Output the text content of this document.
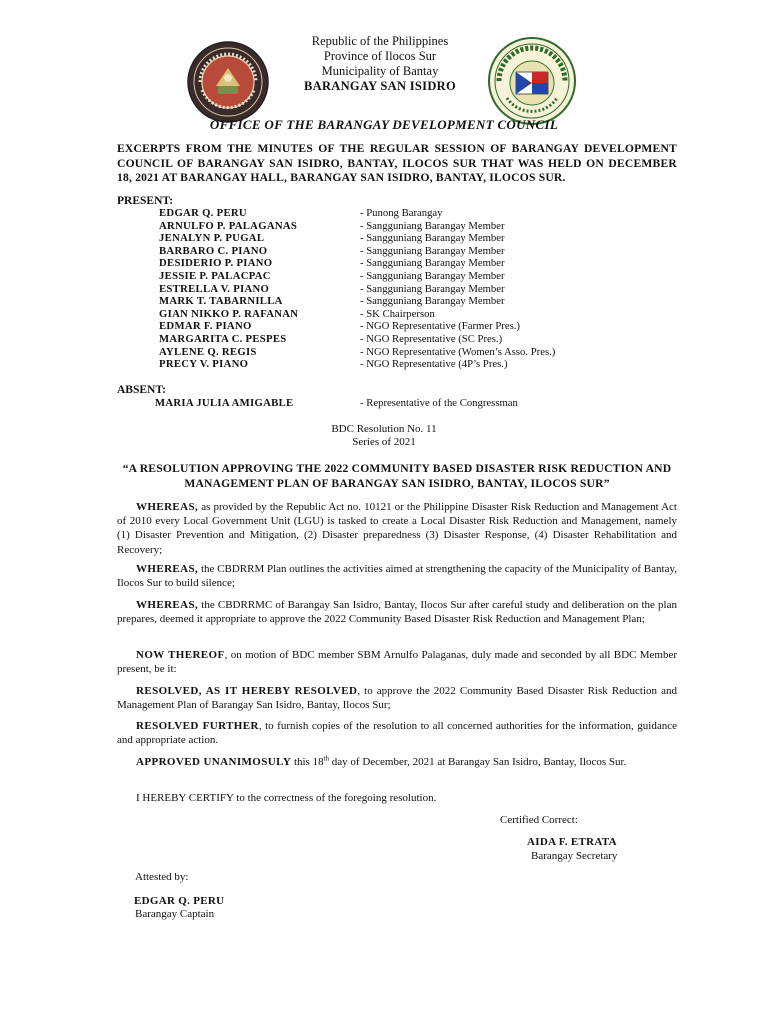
Republic of the Philippines
Province of Ilocos Sur
Municipality of Bantay
BARANGAY SAN ISIDRO
OFFICE OF THE BARANGAY DEVELOPMENT COUNCIL
EXCERPTS FROM THE MINUTES OF THE REGULAR SESSION OF BARANGAY DEVELOPMENT COUNCIL OF BARANGAY SAN ISIDRO, BANTAY, ILOCOS SUR THAT WAS HELD ON DECEMBER 18, 2021 AT BARANGAY HALL, BARANGAY SAN ISIDRO, BANTAY, ILOCOS SUR.
PRESENT:
EDGAR Q. PERU	- Punong Barangay
ARNULFO P. PALAGANAS	- Sangguniang Barangay Member
JENALYN P. PUGAL	- Sangguniang Barangay Member
BARBARO C. PIANO	- Sangguniang Barangay Member
DESIDERIO P. PIANO	- Sangguniang Barangay Member
JESSIE P. PALACPAC	- Sangguniang Barangay Member
ESTRELLA V. PIANO	- Sangguniang Barangay Member
MARK T. TABARNILLA	- Sangguniang Barangay Member
GIAN NIKKO P. RAFANAN	- SK Chairperson
EDMAR F. PIANO	- NGO Representative (Farmer Pres.)
MARGARITA C. PESPES	- NGO Representative (SC Pres.)
AYLENE Q. REGIS	- NGO Representative (Women’s Asso. Pres.)
PRECY V. PIANO	- NGO Representative (4P’s Pres.)
ABSENT:
MARIA JULIA AMIGABLE	- Representative of the Congressman
BDC Resolution No. 11
Series of 2021
“A RESOLUTION APPROVING THE 2022 COMMUNITY BASED DISASTER RISK REDUCTION AND MANAGEMENT PLAN OF BARANGAY SAN ISIDRO, BANTAY, ILOCOS SUR”
WHEREAS, as provided by the Republic Act no. 10121 or the Philippine Disaster Risk Reduction and Management Act of 2010 every Local Government Unit (LGU) is tasked to create a Local Disaster Risk Reduction and Management, namely (1) Disaster Prevention and Mitigation, (2) Disaster preparedness (3) Disaster Response, (4) Disaster Rehabilitation and Recovery;
WHEREAS, the CBDRRM Plan outlines the activities aimed at strengthening the capacity of the Municipality of Bantay, Ilocos Sur to build silence;
WHEREAS, the CBDRRMC of Barangay San Isidro, Bantay, Ilocos Sur after careful study and deliberation on the plan prepares, deemed it appropriate to approve the 2022 Community Based Disaster Risk Reduction and Management Plan;
NOW THEREOF, on motion of BDC member SBM Arnulfo Palaganas, duly made and seconded by all BDC Member present, be it:
RESOLVED, AS IT HEREBY RESOLVED, to approve the 2022 Community Based Disaster Risk Reduction and Management Plan of Barangay San Isidro, Bantay, Ilocos Sur;
RESOLVED FURTHER, to furnish copies of the resolution to all concerned authorities for the information, guidance and appropriate action.
APPROVED UNANIMOSULY this 18th day of December, 2021 at Barangay San Isidro, Bantay, Ilocos Sur.
I HEREBY CERTIFY to the correctness of the foregoing resolution.
Certified Correct:
AIDA F. ETRATA
Barangay Secretary
Attested by:
EDGAR Q. PERU
Barangay Captain
